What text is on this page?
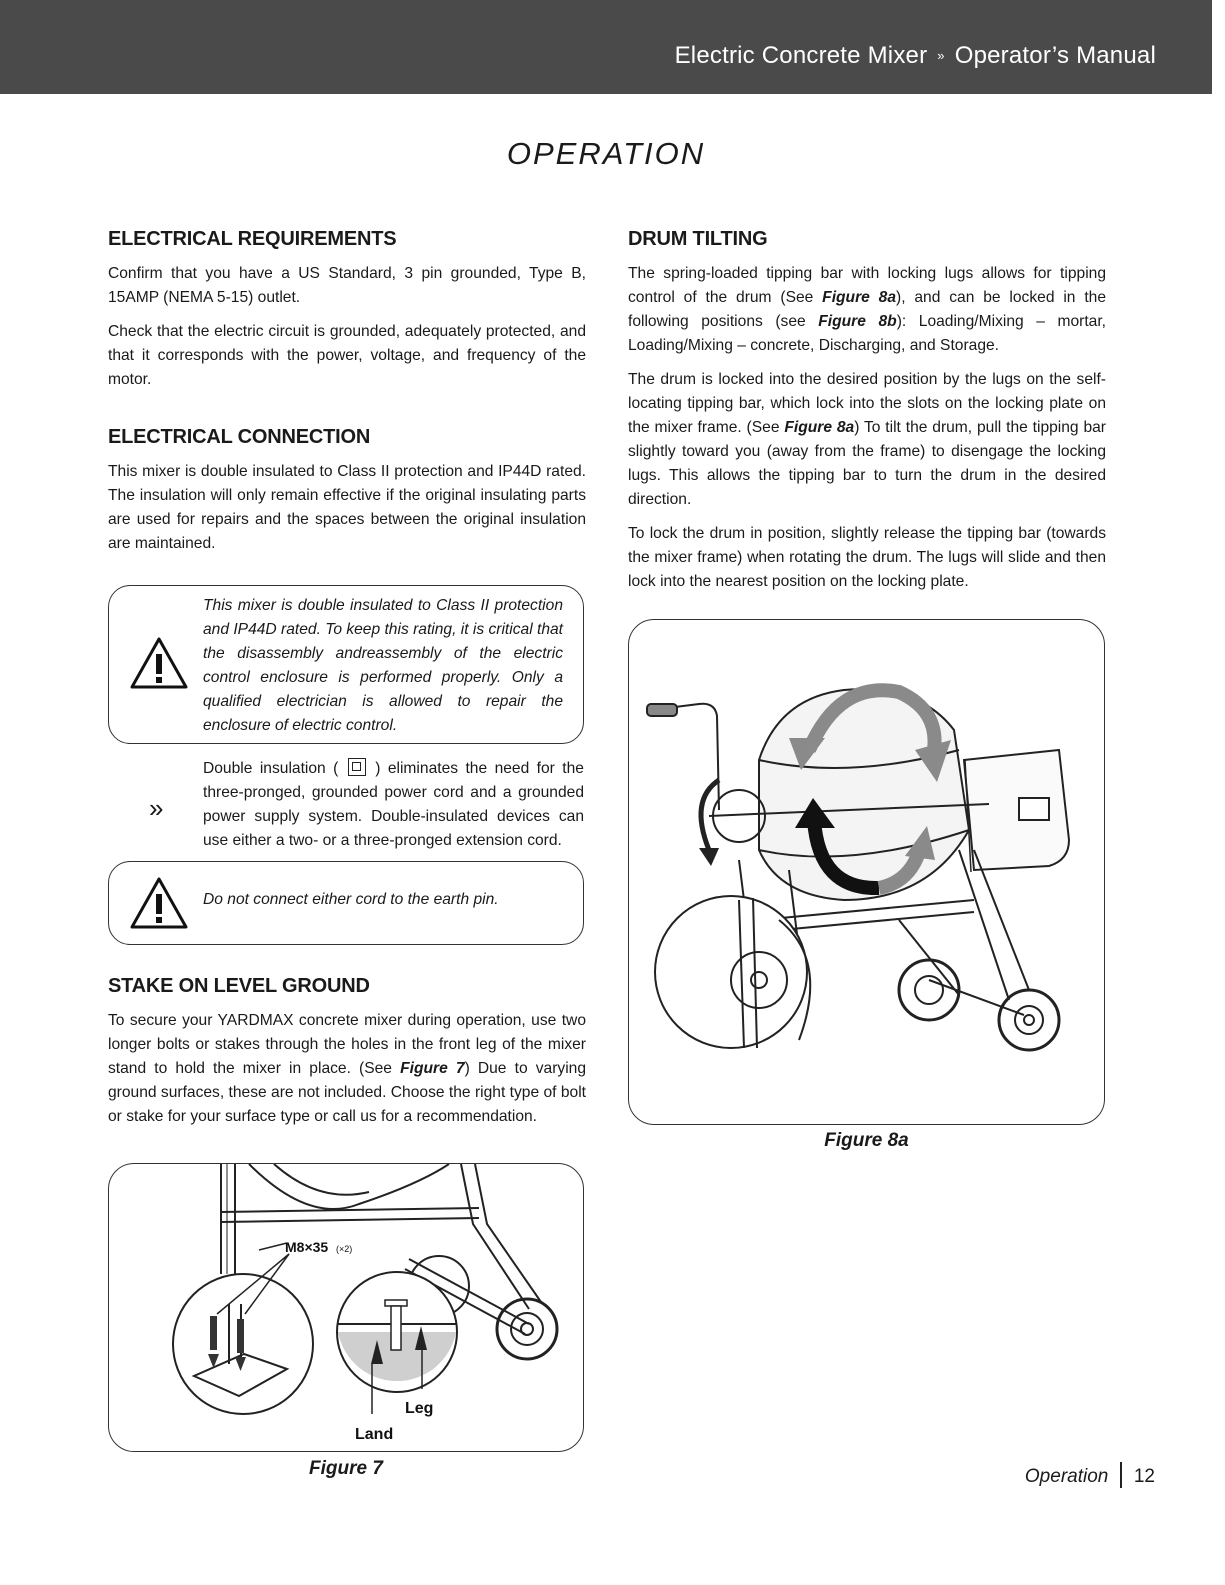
Electric Concrete Mixer » Operator’s Manual
OPERATION
ELECTRICAL REQUIREMENTS

Confirm that you have a US Standard, 3 pin grounded, Type B, 15AMP (NEMA 5-15) outlet.

Check that the electric circuit is grounded, adequately protected, and that it corresponds with the power, voltage, and frequency of the motor.

ELECTRICAL CONNECTION

This mixer is double insulated to Class II protection and IP44D rated. The insulation will only remain effective if the original insulating parts are used for repairs and the spaces between the original insulation are maintained.

This mixer is double insulated to Class II protection and IP44D rated. To keep this rating, it is critical that the disassembly andreassembly of the electric control enclosure is performed properly. Only a qualified electrician is allowed to repair the enclosure of electric control.
»
Double insulation ( ) eliminates the need for the three-pronged, grounded power cord and a grounded power supply system. Double-insulated devices can use either a two- or a three-pronged extension cord.
Do not connect either cord to the earth pin.
STAKE ON LEVEL GROUND

To secure your YARDMAX concrete mixer during operation, use two longer bolts or stakes through the holes in the front leg of the mixer stand to hold the mixer in place. (See Figure 7) Due to varying ground surfaces, these are not included. Choose the right type of bolt or stake for your surface type or call us for a recommendation.

M8×35 (×2)
Leg
Land
Figure 7
DRUM TILTING

The spring-loaded tipping bar with locking lugs allows for tipping control of the drum (See Figure 8a), and can be locked in the following positions (see Figure 8b): Loading/Mixing – mortar, Loading/Mixing – concrete, Discharging, and Storage.

The drum is locked into the desired position by the lugs on the self-locating tipping bar, which lock into the slots on the locking plate on the mixer frame. (See Figure 8a) To tilt the drum, pull the tipping bar slightly toward you (away from the frame) to disengage the locking lugs. This allows the tipping bar to turn the drum in the desired direction.

To lock the drum in position, slightly release the tipping bar (towards the mixer frame) when rotating the drum. The lugs will slide and then lock into the nearest position on the locking plate.

Figure 8a
Operation 12
